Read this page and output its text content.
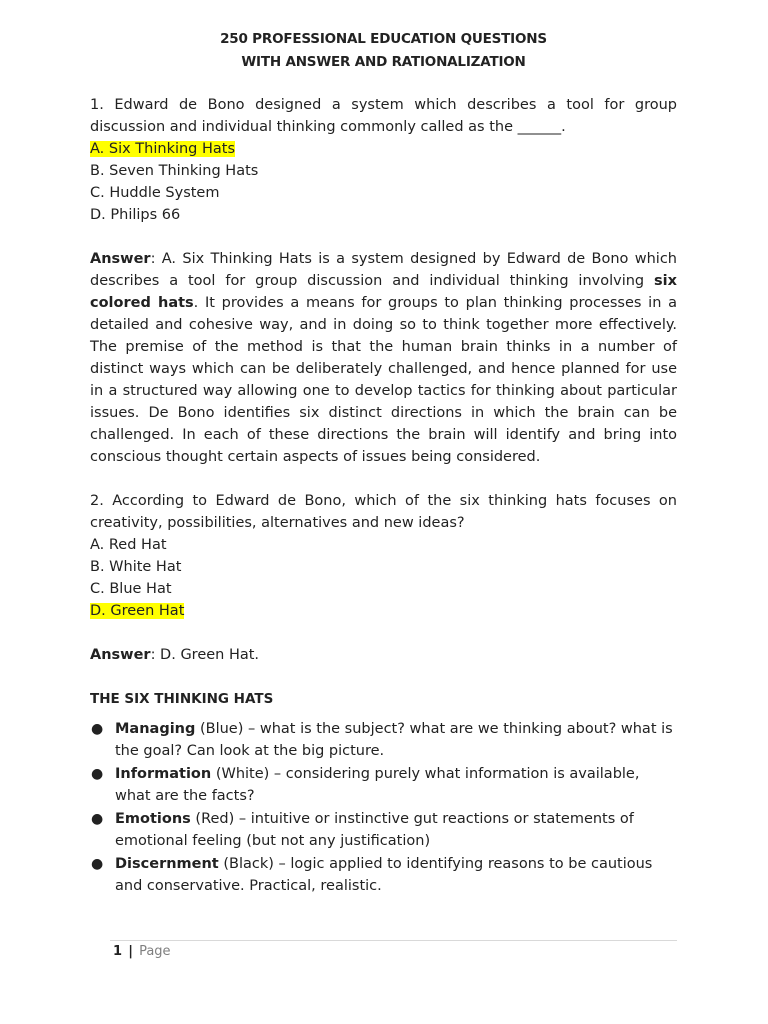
250 PROFESSIONAL EDUCATION QUESTIONS
WITH ANSWER AND RATIONALIZATION

1. Edward de Bono designed a system which describes a tool for group discussion and individual thinking commonly called as the ______.

A. Six Thinking Hats
B. Seven Thinking Hats
C. Huddle System
D. Philips 66

Answer: A. Six Thinking Hats is a system designed by Edward de Bono which describes a tool for group discussion and individual thinking involving six colored hats. It provides a means for groups to plan thinking processes in a detailed and cohesive way, and in doing so to think together more effectively. The premise of the method is that the human brain thinks in a number of distinct ways which can be deliberately challenged, and hence planned for use in a structured way allowing one to develop tactics for thinking about particular issues. De Bono identifies six distinct directions in which the brain can be challenged. In each of these directions the brain will identify and bring into conscious thought certain aspects of issues being considered.

2. According to Edward de Bono, which of the six thinking hats focuses on creativity, possibilities, alternatives and new ideas?

A. Red Hat
B. White Hat
C. Blue Hat
D. Green Hat

Answer: D. Green Hat.

THE SIX THINKING HATS
● Managing (Blue) – what is the subject? what are we thinking about? what is the goal? Can look at the big picture.
● Information (White) – considering purely what information is available, what are the facts?
● Emotions (Red) – intuitive or instinctive gut reactions or statements of emotional feeling (but not any justification)
● Discernment (Black) – logic applied to identifying reasons to be cautious and conservative. Practical, realistic.
1 | Page
